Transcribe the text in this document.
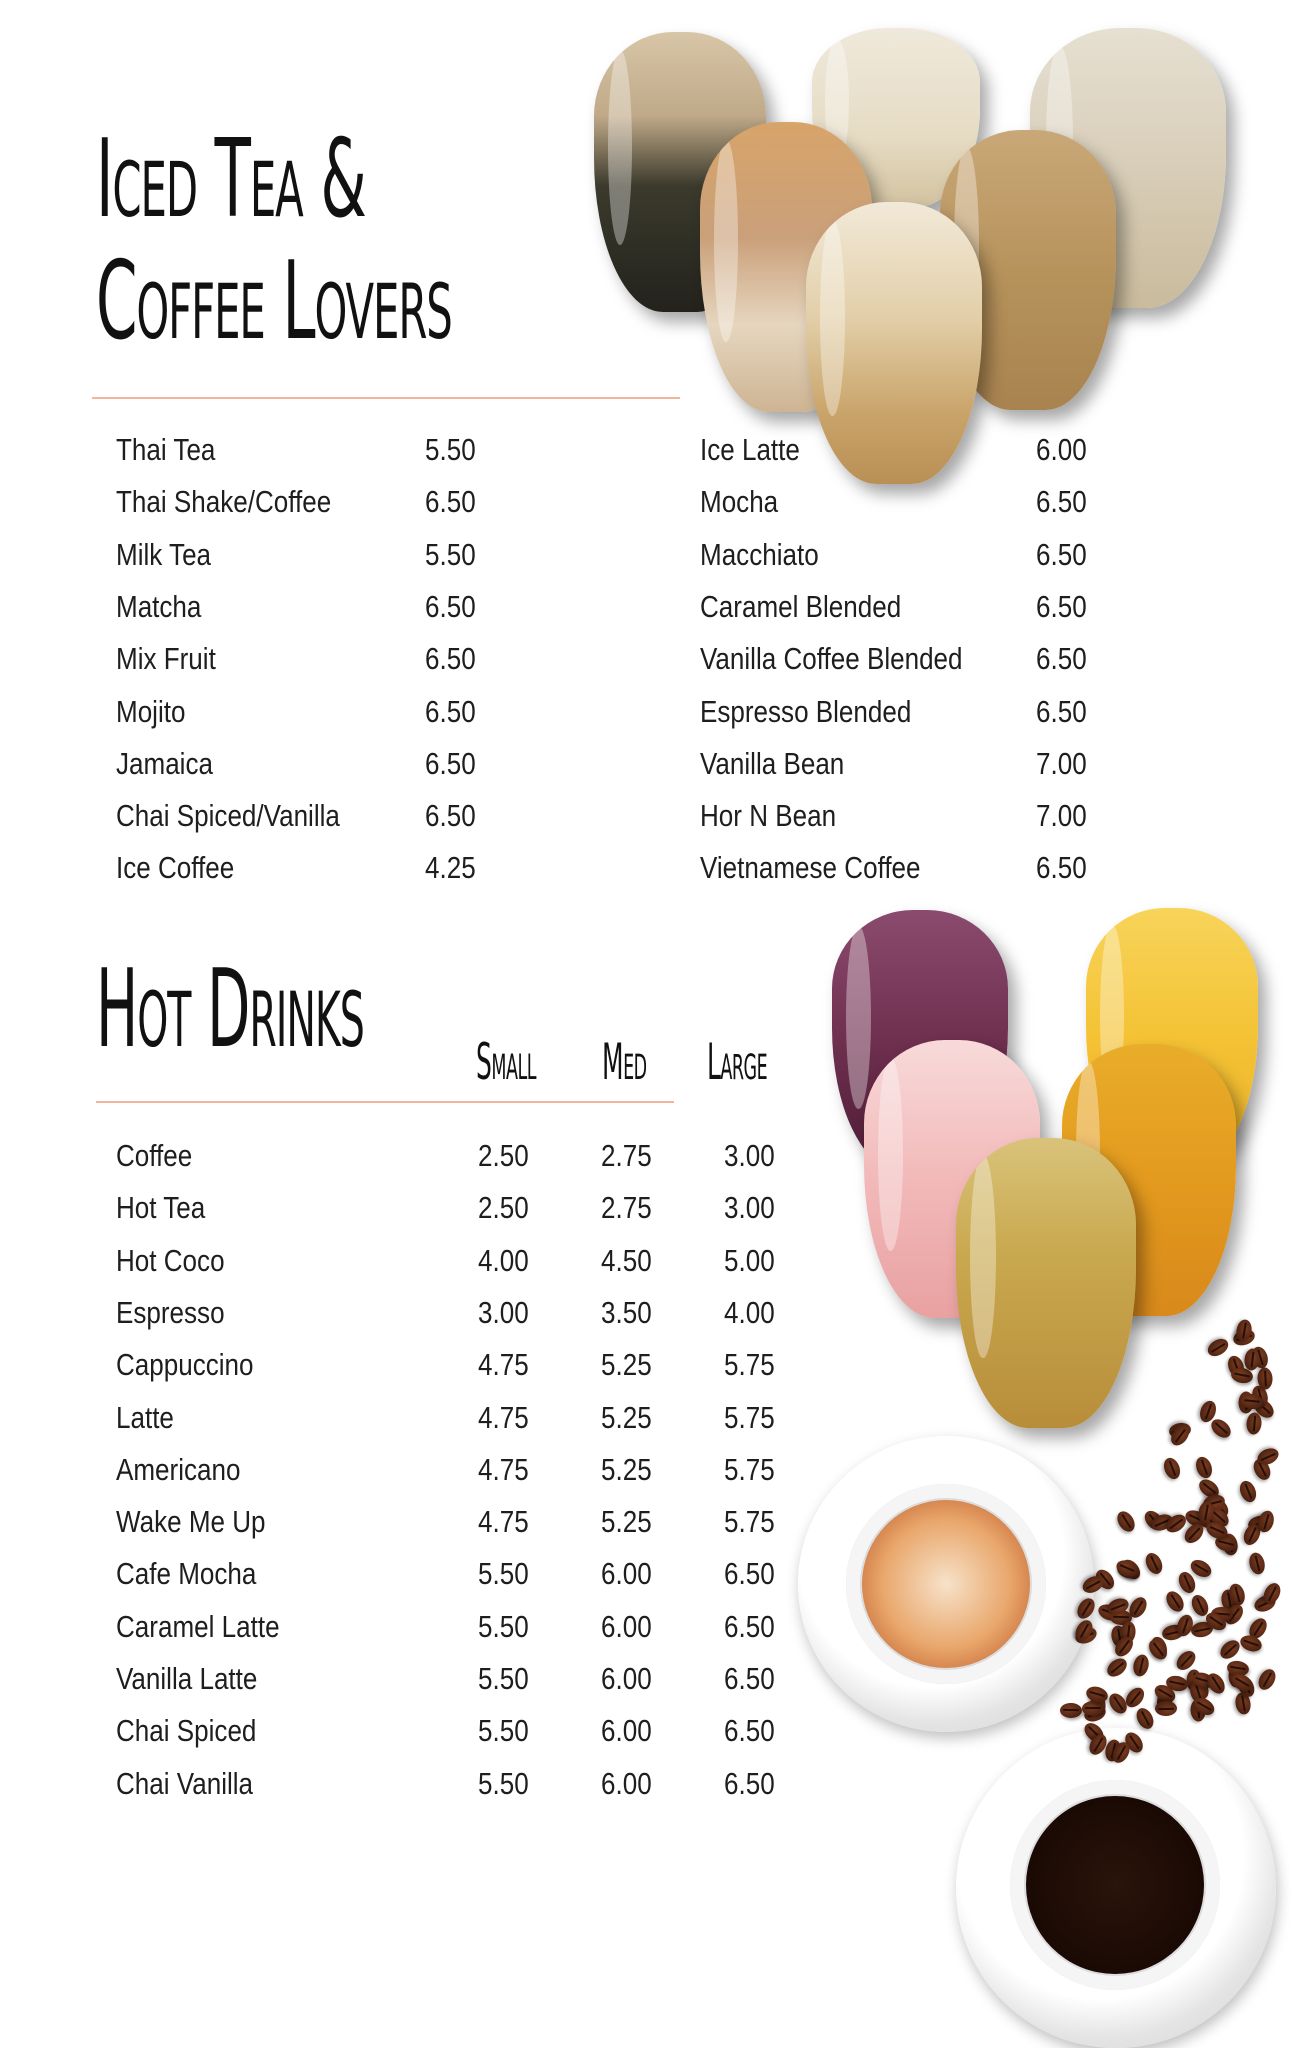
Iced Tea &
Coffee Lovers
Thai Tea	5.50
Thai Shake/Coffee	6.50
Milk Tea	5.50
Matcha	6.50
Mix Fruit	6.50
Mojito	6.50
Jamaica	6.50
Chai Spiced/Vanilla	6.50
Ice Coffee	4.25
Ice Latte	6.00
Mocha	6.50
Macchiato	6.50
Caramel Blended	6.50
Vanilla Coffee Blended 6.50
Espresso Blended	6.50
Vanilla Bean	7.00
Hor N Bean	7.00
Vietnamese Coffee	6.50
Hot Drinks Small Med Large
Coffee	2.50 2.75 3.00
Hot Tea	2.50 2.75 3.00
Hot Coco	4.00 4.50 5.00
Espresso	3.00 3.50 4.00
Cappuccino	4.75 5.25 5.75
Latte	4.75 5.25 5.75
Americano	4.75 5.25 5.75
Wake Me Up	4.75 5.25 5.75
Cafe Mocha	5.50 6.00 6.50
Caramel Latte	5.50 6.00 6.50
Vanilla Latte	5.50 6.00 6.50
Chai Spiced	5.50 6.00 6.50
Chai Vanilla	5.50 6.00 6.50
